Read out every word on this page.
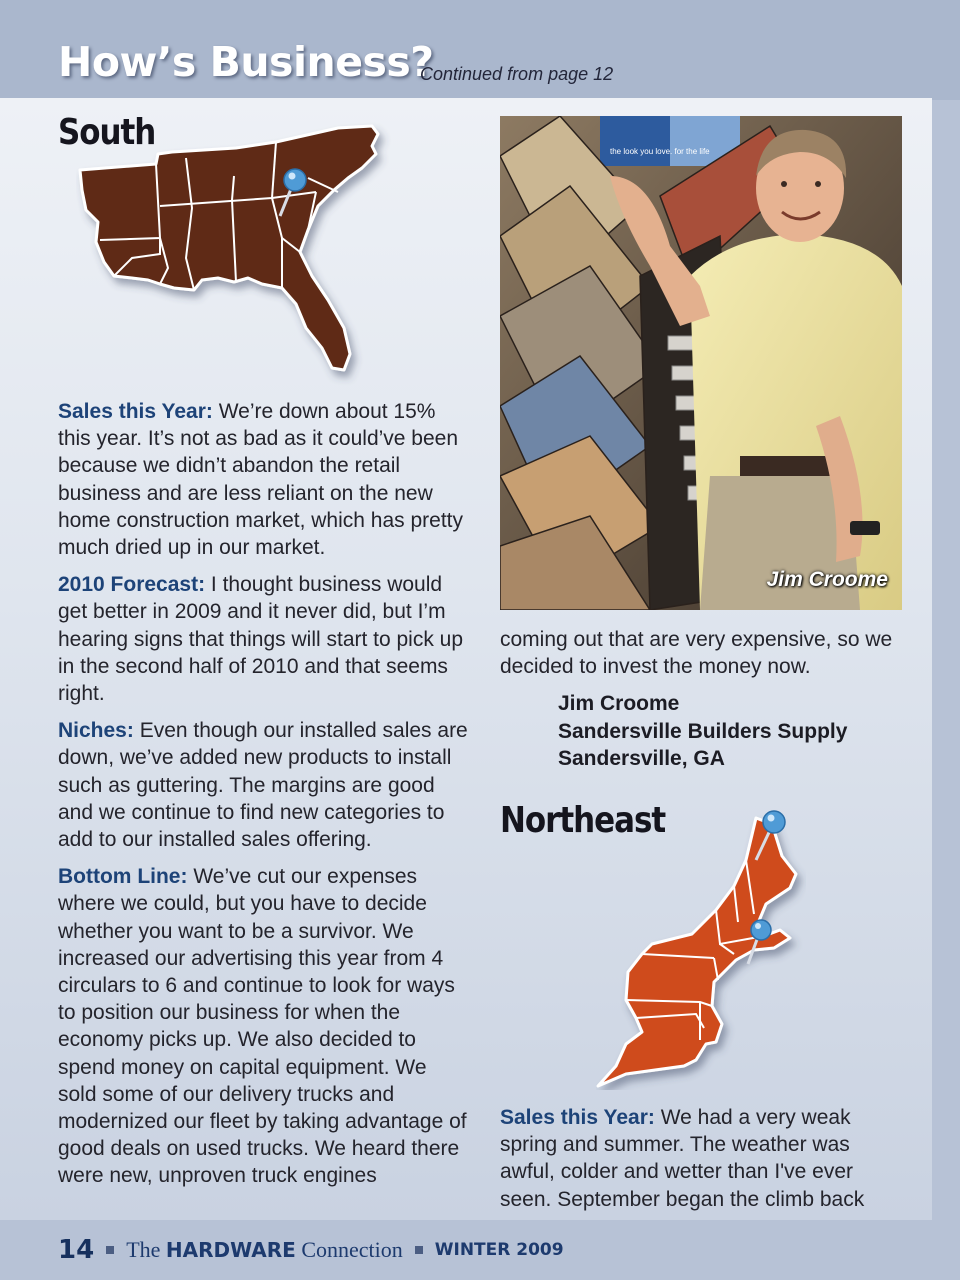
How’s Business?
Continued from page 12
South

Sales this Year: We’re down about 15% this year. It’s not as bad as it could’ve been because we didn’t abandon the retail business and are less reliant on the new home construction market, which has pretty much dried up in our market.

2010 Forecast: I thought business would get better in 2009 and it never did, but I’m hearing signs that things will start to pick up in the second half of 2010 and that seems right.

Niches: Even though our installed sales are down, we’ve added new products to install such as guttering. The margins are good and we continue to find new categories to add to our installed sales offering.

Bottom Line: We’ve cut our expenses where we could, but you have to decide whether you want to be a survivor. We increased our advertising this year from 4 circulars to 6 and continue to look for ways to position our business for when the economy picks up. We also decided to spend money on capital equipment. We sold some of our delivery trucks and modernized our fleet by taking advantage of good deals on used trucks. We heard there were new, unproven truck engines

the look you love. for the life
Jim Croome

coming out that are very expensive, so we decided to invest the money now.

Jim Croome
Sandersville Builders Supply
Sandersville, GA
Northeast

Sales this Year: We had a very weak spring and summer. The weather was awful, colder and wetter than I've ever seen. September began the climb back

14 The HARDWARE Connection WINTER 2009
